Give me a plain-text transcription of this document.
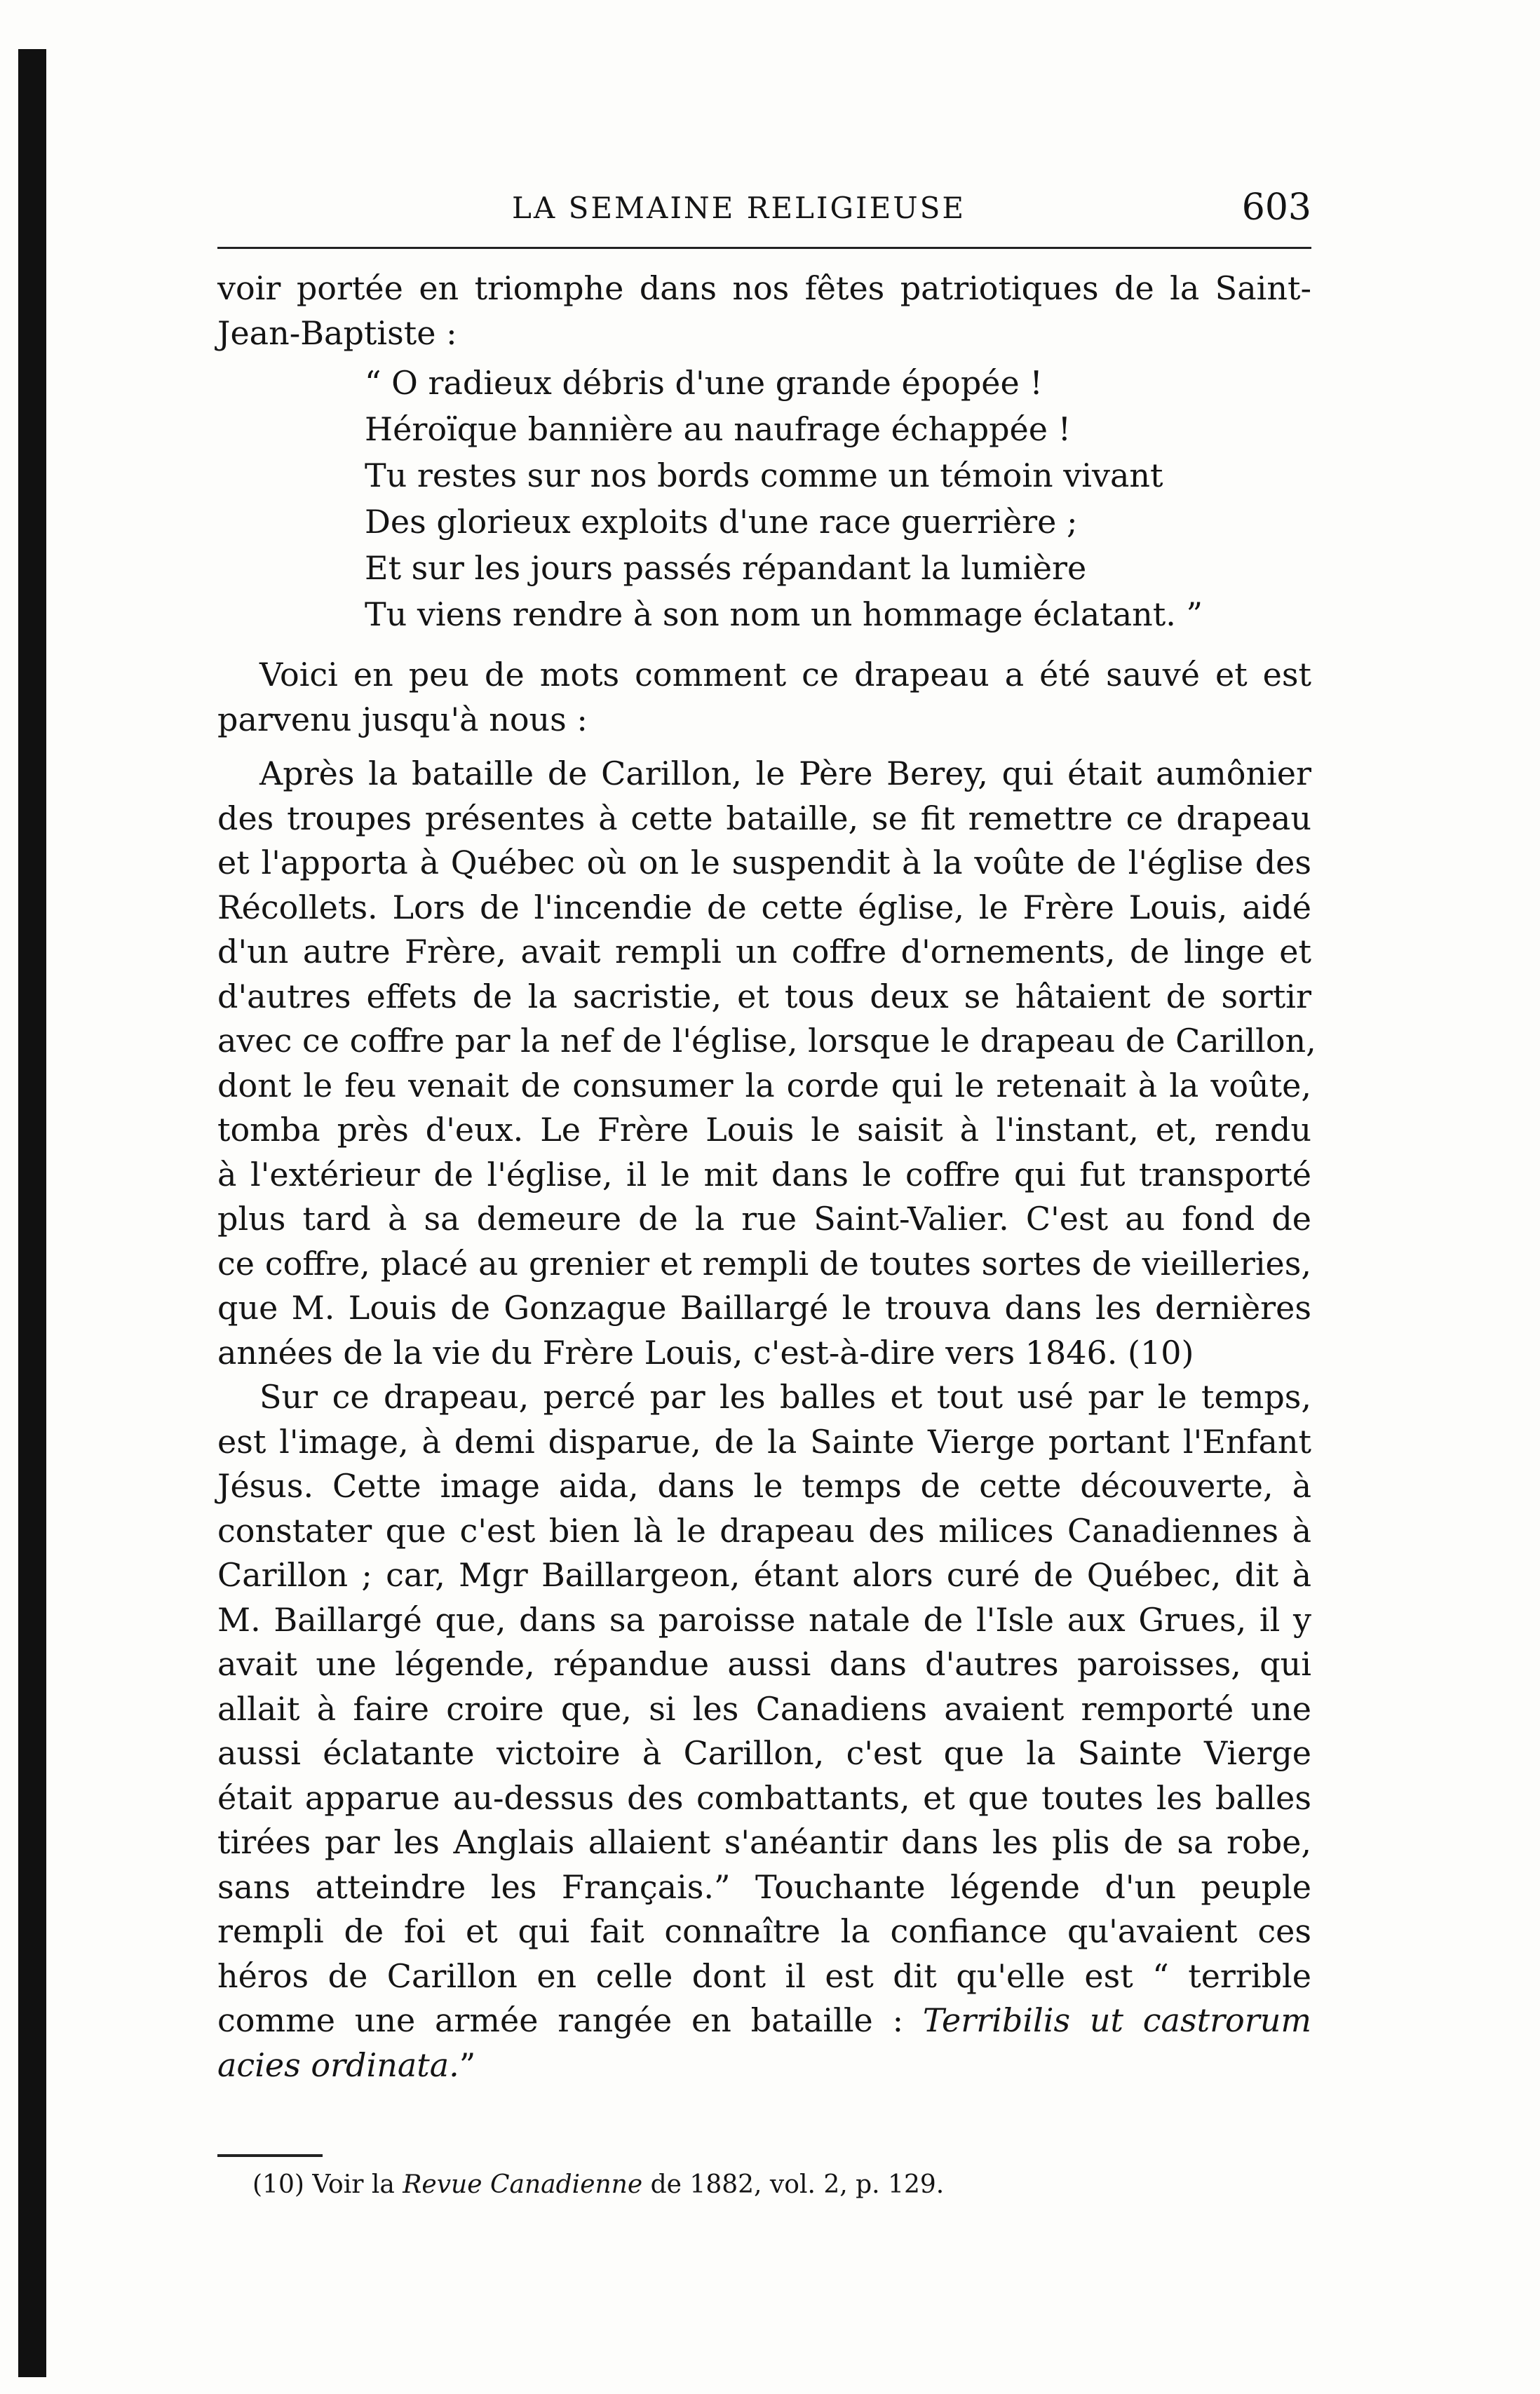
LA SEMAINE RELIGIEUSE	603
voir portée en triomphe dans nos fêtes patriotiques de la Saint-
Jean-Baptiste :
“ O radieux débris d'une grande épopée !
Héroïque bannière au naufrage échappée !
Tu restes sur nos bords comme un témoin vivant
Des glorieux exploits d'une race guerrière ;
Et sur les jours passés répandant la lumière
Tu viens rendre à son nom un hommage éclatant. ”
Voici en peu de mots comment ce drapeau a été sauvé et est
parvenu jusqu'à nous :
Après la bataille de Carillon, le Père Berey, qui était aumônier
des troupes présentes à cette bataille, se fit remettre ce drapeau
et l'apporta à Québec où on le suspendit à la voûte de l'église des
Récollets. Lors de l'incendie de cette église, le Frère Louis, aidé
d'un autre Frère, avait rempli un coffre d'ornements, de linge et
d'autres effets de la sacristie, et tous deux se hâtaient de sortir
avec ce coffre par la nef de l'église, lorsque le drapeau de Carillon,
dont le feu venait de consumer la corde qui le retenait à la voûte,
tomba près d'eux. Le Frère Louis le saisit à l'instant, et, rendu
à l'extérieur de l'église, il le mit dans le coffre qui fut transporté
plus tard à sa demeure de la rue Saint-Valier. C'est au fond de
ce coffre, placé au grenier et rempli de toutes sortes de vieilleries,
que M. Louis de Gonzague Baillargé le trouva dans les dernières
années de la vie du Frère Louis, c'est-à-dire vers 1846. (10)
Sur ce drapeau, percé par les balles et tout usé par le temps,
est l'image, à demi disparue, de la Sainte Vierge portant l'Enfant
Jésus. Cette image aida, dans le temps de cette découverte, à
constater que c'est bien là le drapeau des milices Canadiennes à
Carillon ; car, Mgr Baillargeon, étant alors curé de Québec, dit à
M. Baillargé que, dans sa paroisse natale de l'Isle aux Grues, il y
avait une légende, répandue aussi dans d'autres paroisses, qui
allait à faire croire que, si les Canadiens avaient remporté une
aussi éclatante victoire à Carillon, c'est que la Sainte Vierge
était apparue au-dessus des combattants, et que toutes les balles
tirées par les Anglais allaient s'anéantir dans les plis de sa robe,
sans atteindre les Français.” Touchante légende d'un peuple
rempli de foi et qui fait connaître la confiance qu'avaient ces
héros de Carillon en celle dont il est dit qu'elle est “ terrible
comme une armée rangée en bataille : Terribilis ut castrorum
acies ordinata.”
(10) Voir la Revue Canadienne de 1882, vol. 2, p. 129.
